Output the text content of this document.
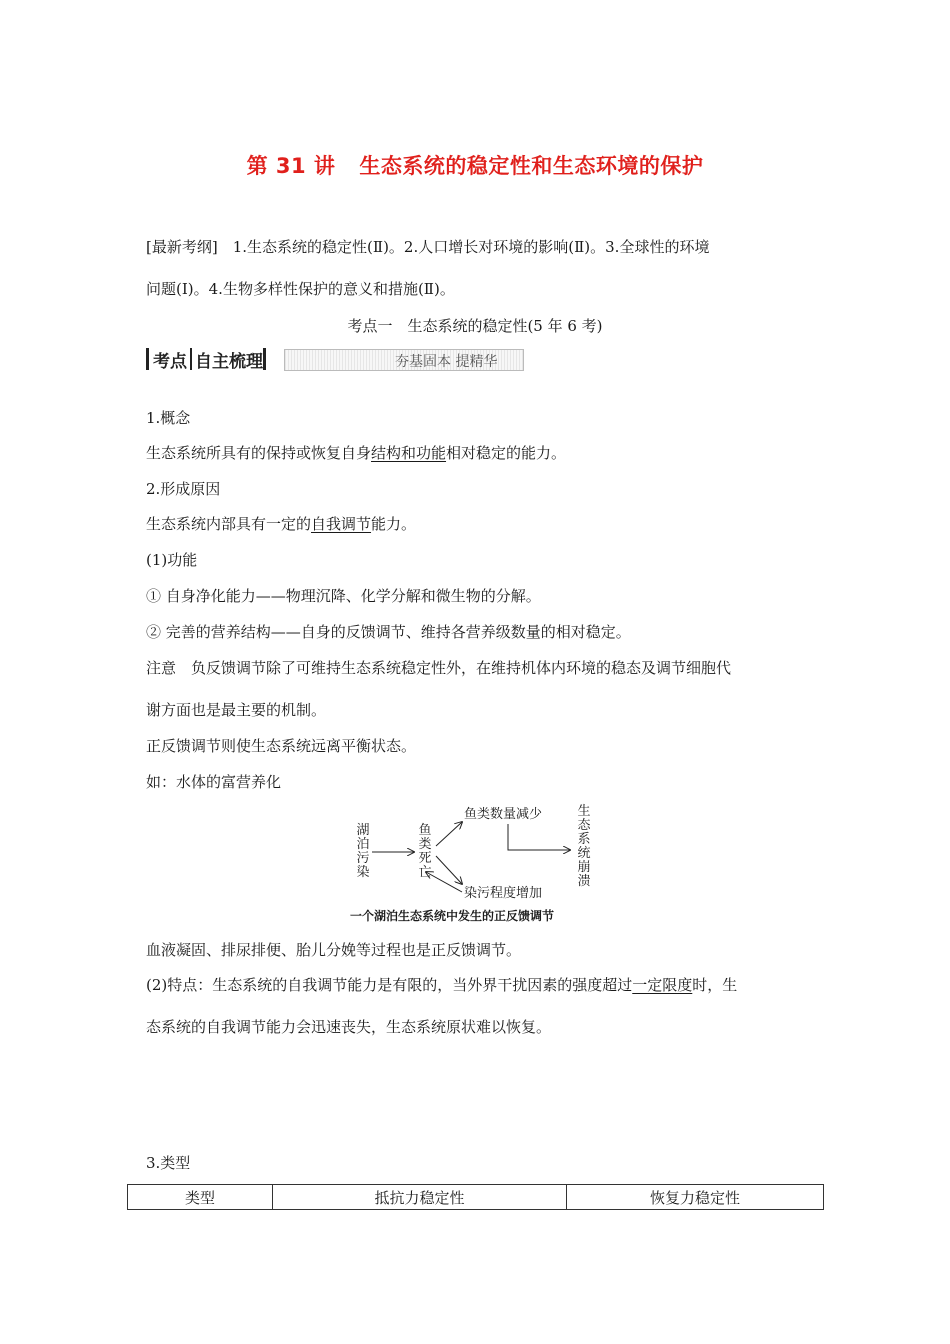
第 31 讲 生态系统的稳定性和生态环境的保护
[最新考纲]　1.生态系统的稳定性(Ⅱ)。2.人口增长对环境的影响(Ⅱ)。3.全球性的环境
问题(Ⅰ)。4.生物多样性保护的意义和措施(Ⅱ)。
考点一　生态系统的稳定性(5 年 6 考)
考点 自主梳理	夯基固本 提精华
1.概念
生态系统所具有的保持或恢复自身结构和功能相对稳定的能力。
2.形成原因
生态系统内部具有一定的自我调节能力。
(1)功能
① 自身净化能力——物理沉降、化学分解和微生物的分解。
② 完善的营养结构——自身的反馈调节、维持各营养级数量的相对稳定。
注意　负反馈调节除了可维持生态系统稳定性外，在维持机体内环境的稳态及调节细胞代
谢方面也是最主要的机制。
正反馈调节则使生态系统远离平衡状态。
如：水体的富营养化
湖泊污染
鱼类死亡
鱼类数量减少
染污程度增加
生态系统崩溃
一个湖泊生态系统中发生的正反馈调节
血液凝固、排尿排便、胎儿分娩等过程也是正反馈调节。
(2)特点：生态系统的自我调节能力是有限的，当外界干扰因素的强度超过一定限度时，生
态系统的自我调节能力会迅速丧失，生态系统原状难以恢复。
3.类型
类型	抵抗力稳定性	恢复力稳定性
